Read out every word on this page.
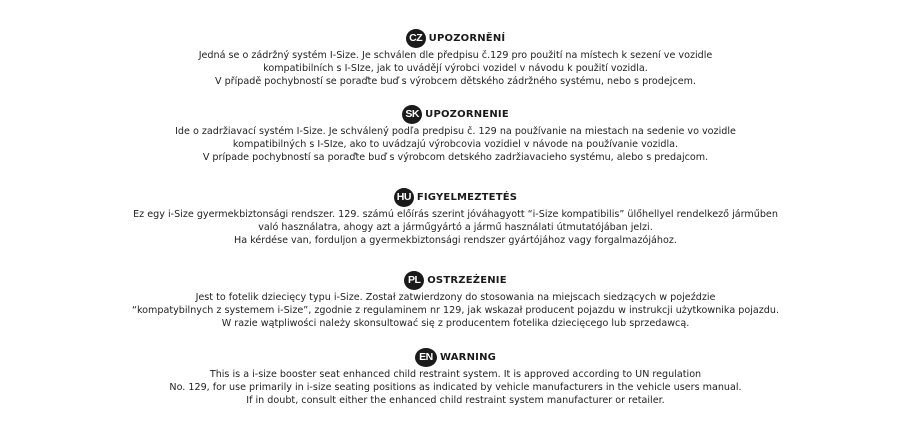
CZ UPOZORNĚNÍ
Jedná se o zádržný systém I-Size. Je schválen dle předpisu č.129 pro použití na místech k sezení ve vozidle
kompatibilních s I-SIze, jak to uvádějí výrobci vozidel v návodu k použití vozidla.
V případě pochybností se poraďte buď s výrobcem dětského zádržného systému, nebo s prodejcem.
SK UPOZORNENIE
Ide o zadržiavací systém I-Size. Je schválený podľa predpisu č. 129 na používanie na miestach na sedenie vo vozidle
kompatibilných s I-SIze, ako to uvádzajú výrobcovia vozidiel v návode na používanie vozidla.
V prípade pochybností sa poraďte buď s výrobcom detského zadržiavacieho systému, alebo s predajcom.
HU FIGYELMEZTETÉS
Ez egy i-Size gyermekbiztonsági rendszer. 129. számú előírás szerint jóváhagyott “i-Size kompatibilis” ülőhellyel rendelkező járműben
való használatra, ahogy azt a járműgyártó a jármű használati útmutatójában jelzi.
Ha kérdése van, forduljon a gyermekbiztonsági rendszer gyártójához vagy forgalmazójához.
PL OSTRZEŻENIE
Jest to fotelik dziecięcy typu i-Size. Został zatwierdzony do stosowania na miejscach siedzących w pojeździe
“kompatybilnych z systemem i-Size”, zgodnie z regulaminem nr 129, jak wskazał producent pojazdu w instrukcji użytkownika pojazdu.
W razie wątpliwości należy skonsultować się z producentem fotelika dziecięcego lub sprzedawcą.
EN WARNING
This is a i-size booster seat enhanced child restraint system. It is approved according to UN regulation
No. 129, for use primarily in i-size seating positions as indicated by vehicle manufacturers in the vehicle users manual.
If in doubt, consult either the enhanced child restraint system manufacturer or retailer.
